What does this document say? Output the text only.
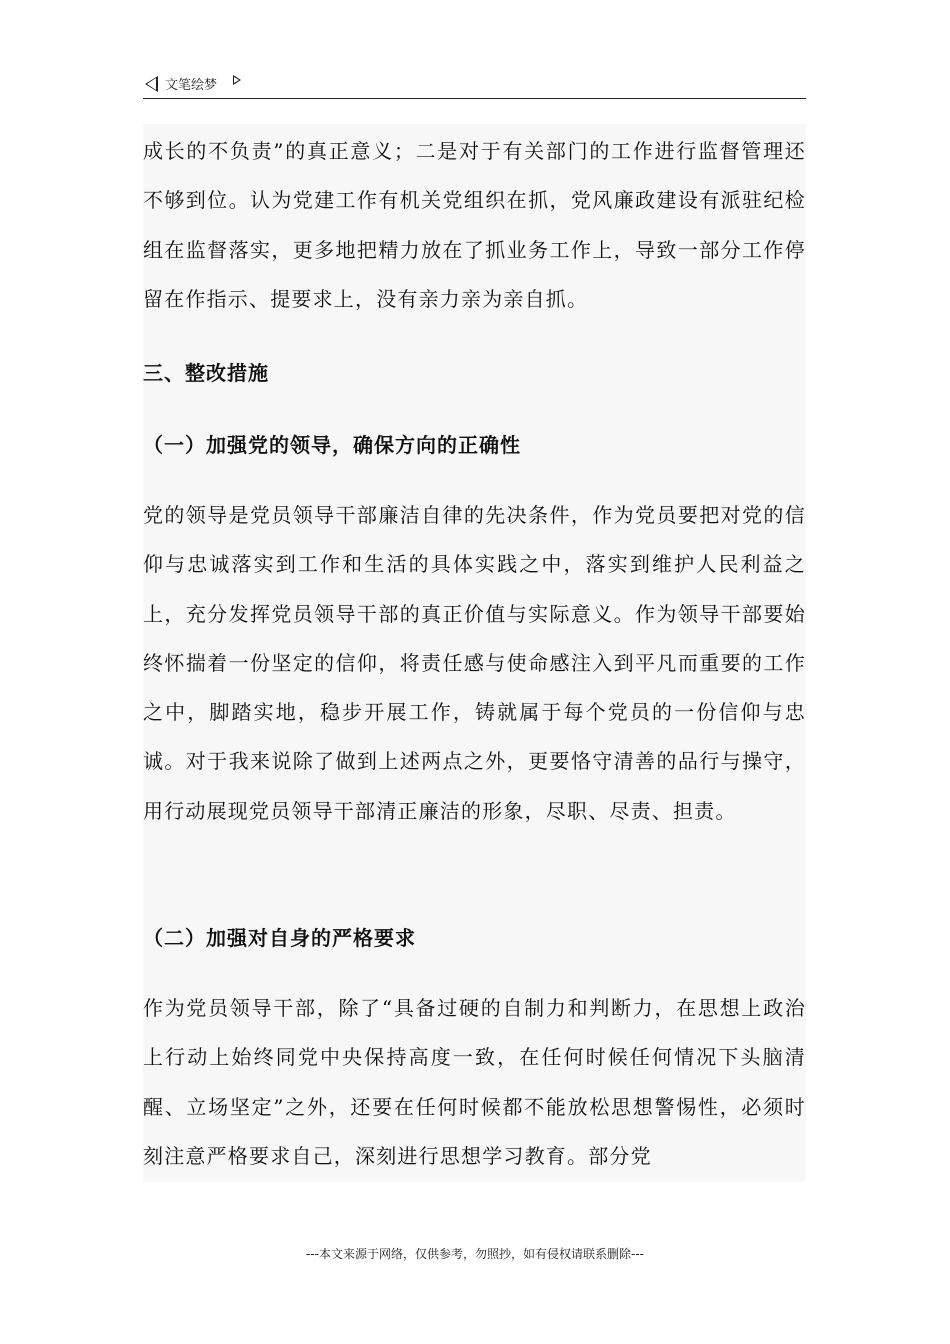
文笔绘梦

成长的不负责”的真正意义；二是对于有关部门的工作进行监督管理还不够到位。认为党建工作有机关党组织在抓，党风廉政建设有派驻纪检组在监督落实，更多地把精力放在了抓业务工作上，导致一部分工作停留在作指示、提要求上，没有亲力亲为亲自抓。

三、整改措施

（一）加强党的领导，确保方向的正确性

党的领导是党员领导干部廉洁自律的先决条件，作为党员要把对党的信仰与忠诚落实到工作和生活的具体实践之中，落实到维护人民利益之上，充分发挥党员领导干部的真正价值与实际意义。作为领导干部要始终怀揣着一份坚定的信仰，将责任感与使命感注入到平凡而重要的工作之中，脚踏实地，稳步开展工作，铸就属于每个党员的一份信仰与忠诚。对于我来说除了做到上述两点之外，更要恪守清善的品行与操守，用行动展现党员领导干部清正廉洁的形象，尽职、尽责、担责。

（二）加强对自身的严格要求

作为党员领导干部，除了“具备过硬的自制力和判断力，在思想上政治上行动上始终同党中央保持高度一致，在任何时候任何情况下头脑清醒、立场坚定”之外，还要在任何时候都不能放松思想警惕性，必须时刻注意严格要求自己，深刻进行思想学习教育。部分党

---本文来源于网络，仅供参考，勿照抄，如有侵权请联系删除---
